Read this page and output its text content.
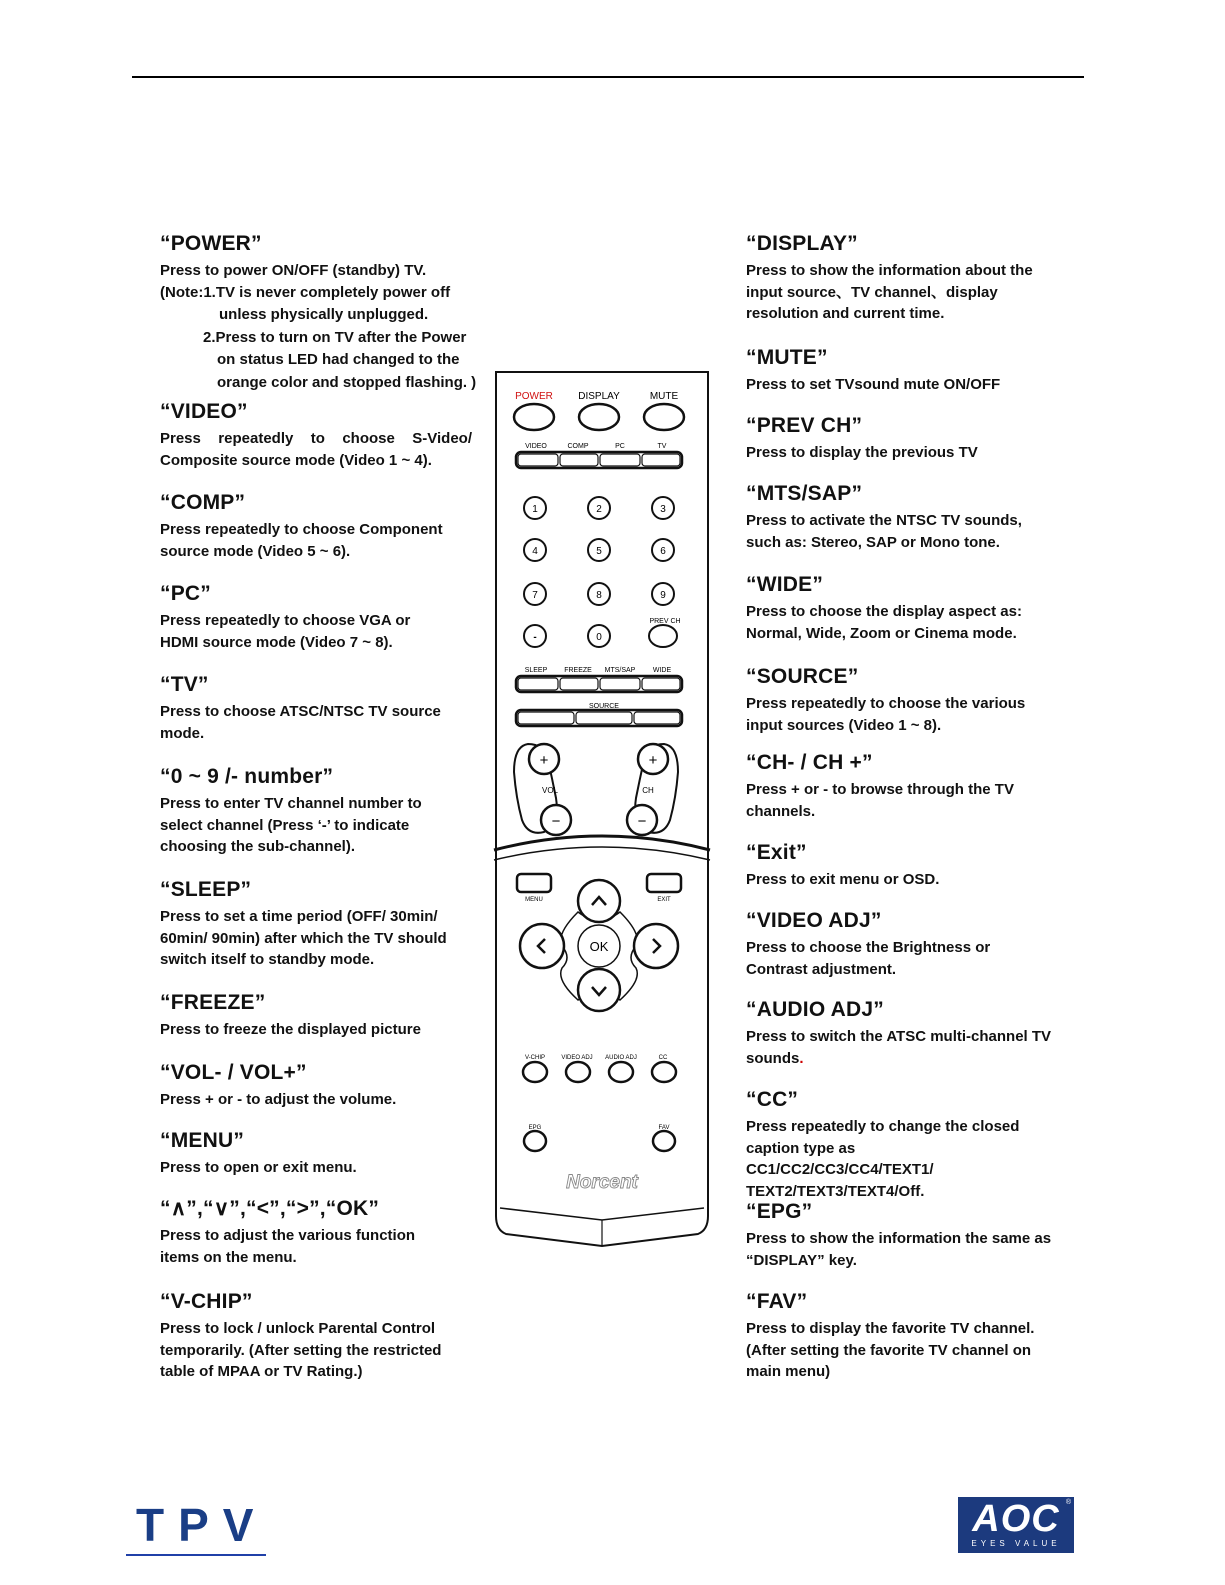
“POWER”

Press to power ON/OFF (standby) TV.

(Note:1.TV is never completely power off
unless physically unplugged.
2.Press to turn on TV after the Power
on status LED had changed to the
orange color and stopped flashing. )
“VIDEO”

Press repeatedly to choose S-Video/ Composite source mode (Video 1 ~ 4).

“COMP”

Press repeatedly to choose Component source mode (Video 5 ~ 6).

“PC”

Press repeatedly to choose VGA or HDMI source mode (Video 7 ~ 8).

“TV”

Press to choose ATSC/NTSC TV source mode.

“0 ~ 9 /- number”

Press to enter TV channel number to select channel (Press ‘-’ to indicate choosing the sub-channel).

“SLEEP”

Press to set a time period (OFF/ 30min/ 60min/ 90min) after which the TV should switch itself to standby mode.

“FREEZE”

Press to freeze the displayed picture

“VOL- / VOL+”

Press + or - to adjust the volume.

“MENU”

Press to open or exit menu.

“∧”,“∨”,“<”,“>”,“OK”

Press to adjust the various function items on the menu.

“V-CHIP”

Press to lock / unlock Parental Control temporarily. (After setting the restricted table of MPAA or TV Rating.)

“DISPLAY”

Press to show the information about the input source、TV channel、display resolution and current time.

“MUTE”

Press to set TVsound mute ON/OFF

“PREV CH”

Press to display the previous TV

“MTS/SAP”

Press to activate the NTSC TV sounds, such as: Stereo, SAP or Mono tone.

“WIDE”

Press to choose the display aspect as: Normal, Wide, Zoom or Cinema mode.

“SOURCE”

Press repeatedly to choose the various input sources (Video 1 ~ 8).

“CH- / CH +”

Press + or - to browse through the TV channels.

“Exit”

Press to exit menu or OSD.

“VIDEO ADJ”

Press to choose the Brightness or Contrast adjustment.

“AUDIO ADJ”

Press to switch the ATSC multi-channel TV sounds.

“CC”

Press repeatedly to change the closed caption type as

CC1/CC2/CC3/CC4/TEXT1/ TEXT2/TEXT3/TEXT4/Off.

“EPG”

Press to show the information the same as “DISPLAY” key.

“FAV”

Press to display the favorite TV channel. (After setting the favorite TV channel on main menu)

POWER	DISPLAY	MUTE
VIDEO	COMP	PC	TV
1	2	3
4	5	6
7	8	9
-	0
PREV CH
SLEEP FREEZE MTS/SAP WIDE
SOURCE
+
−
VOL
+
−
CH
MENU	EXIT
OK
V-CHIP	VIDEO ADJ AUDIO ADJ	CC
EPG	FAV
Norcent
TPV	AOC
EYES VALUE
®
